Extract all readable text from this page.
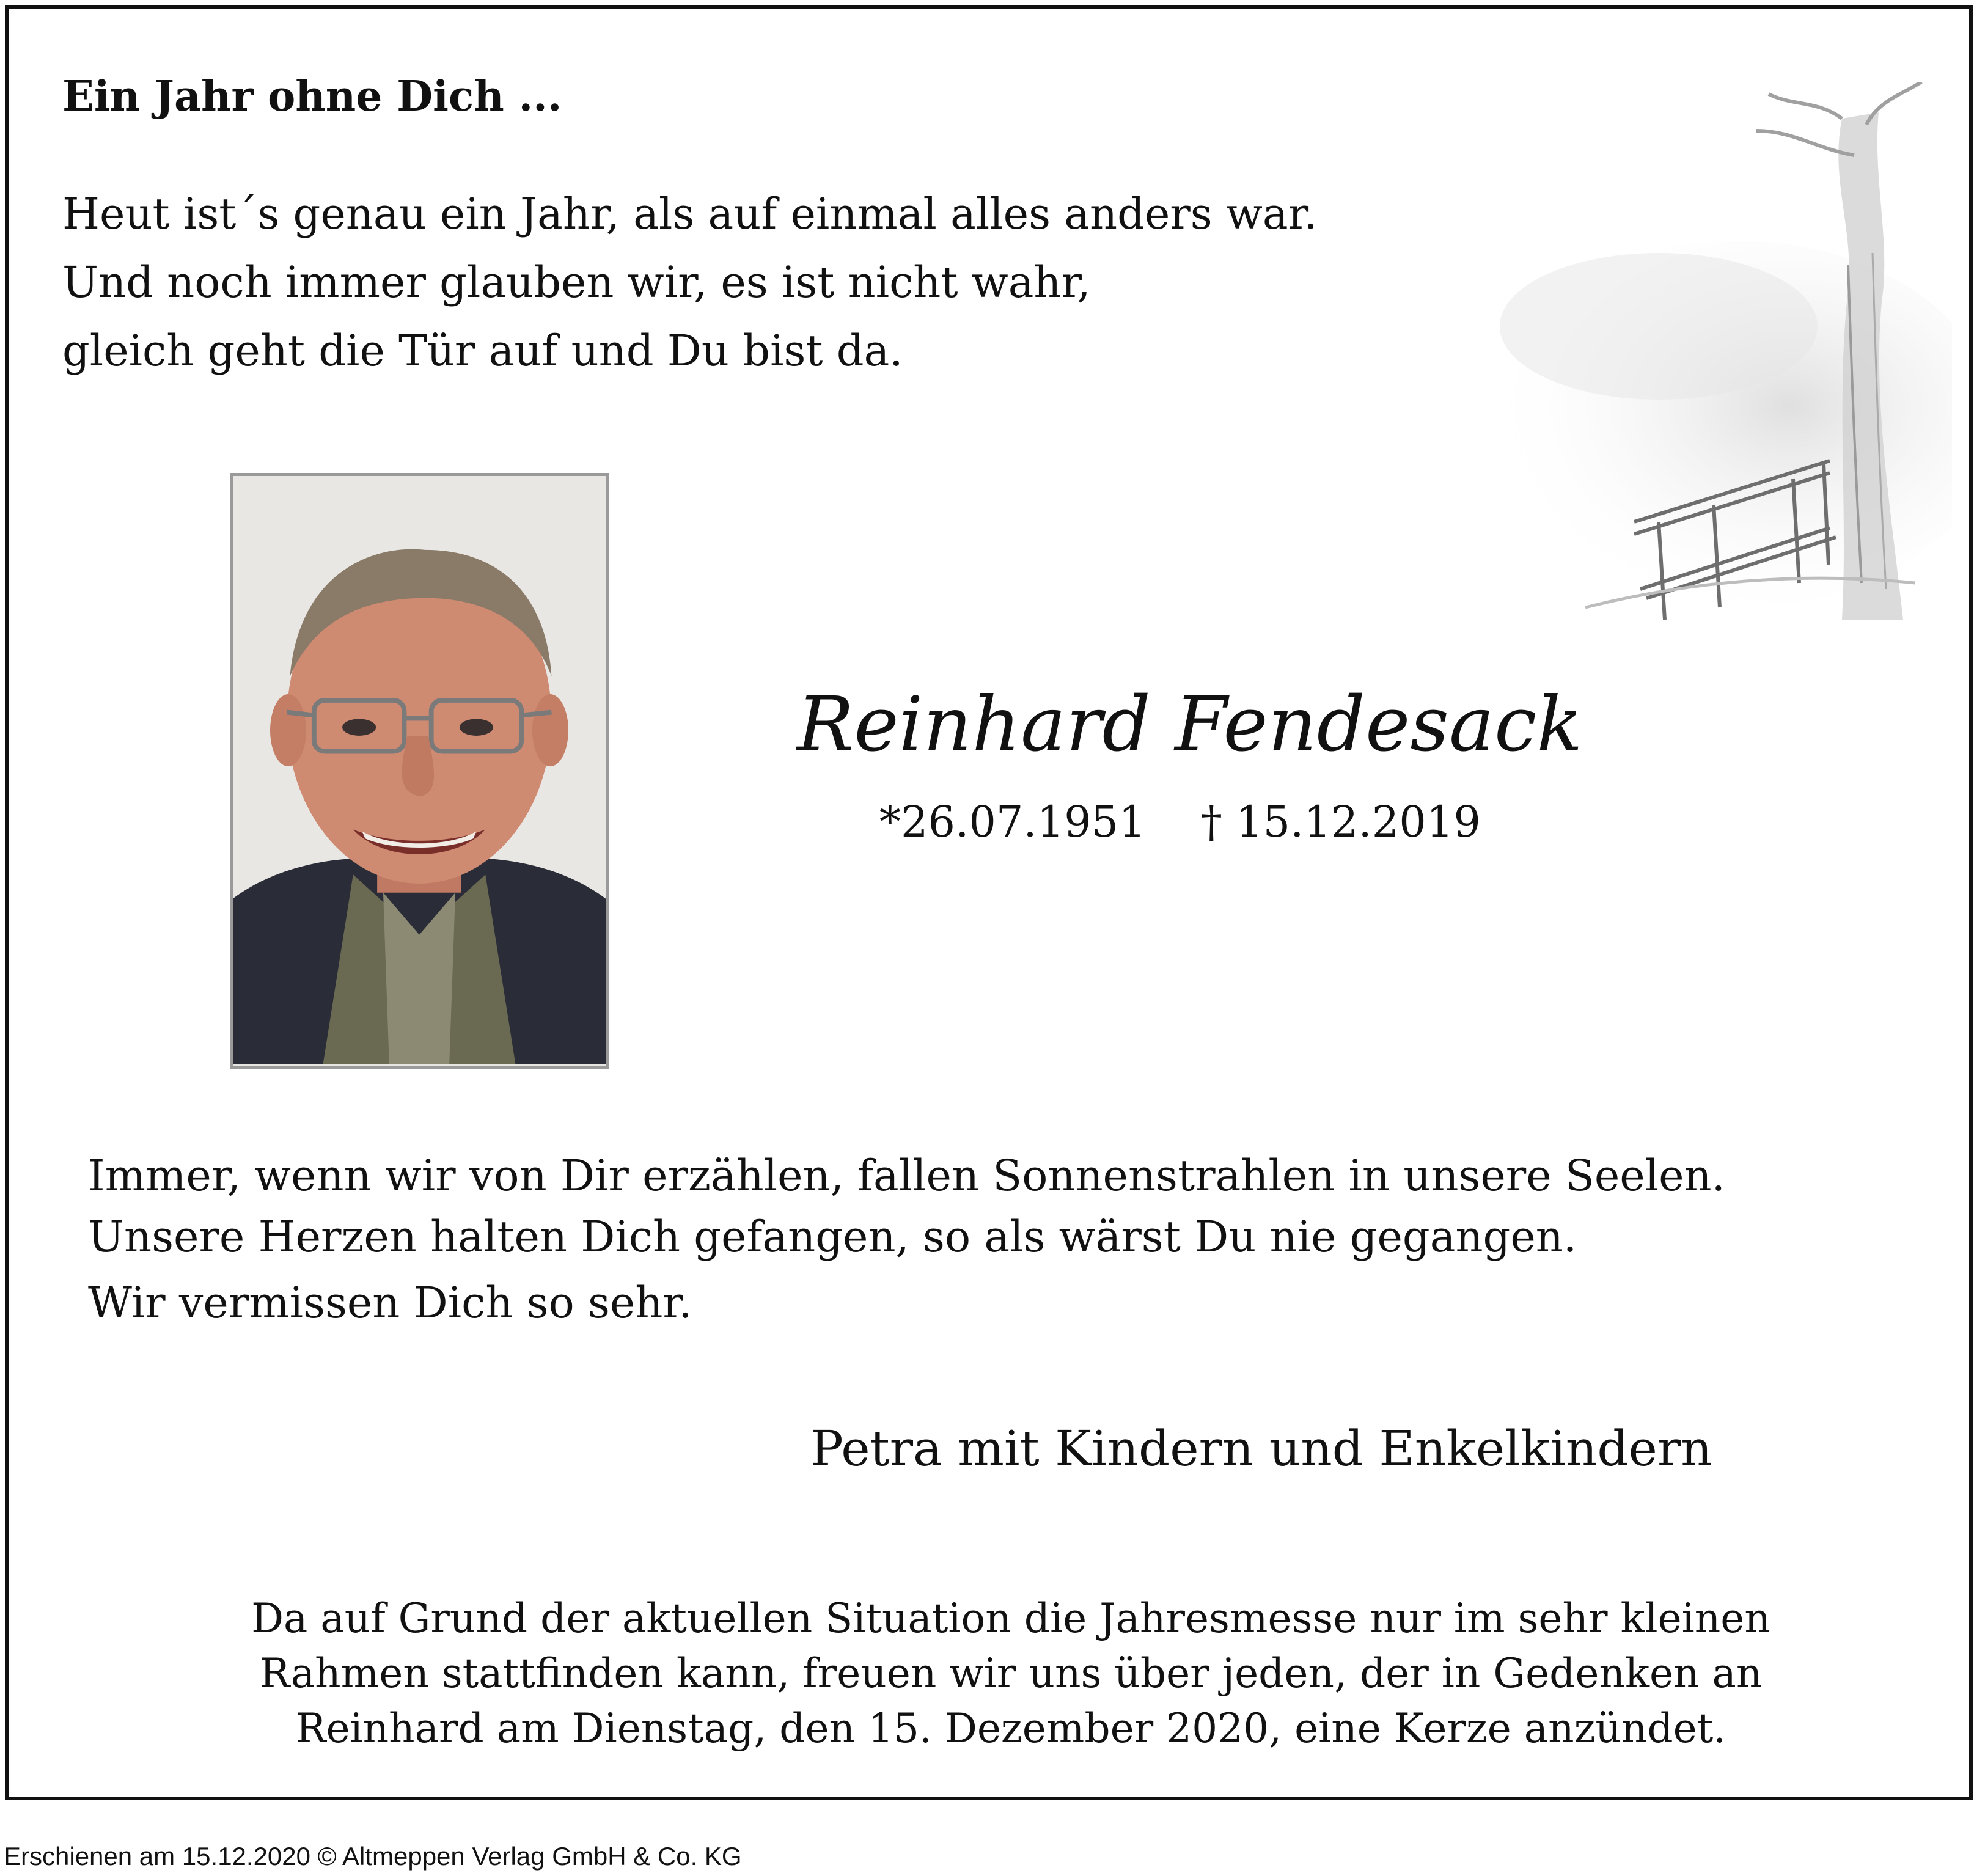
Ein Jahr ohne Dich ...
Heut ist´s genau ein Jahr, als auf einmal alles anders war.
Und noch immer glauben wir, es ist nicht wahr,
gleich geht die Tür auf und Du bist da.
Reinhard Fendesack
*26.07.1951 † 15.12.2019
Immer, wenn wir von Dir erzählen, fallen Sonnenstrahlen in unsere Seelen.
Unsere Herzen halten Dich gefangen, so als wärst Du nie gegangen.
Wir vermissen Dich so sehr.
Petra mit Kindern und Enkelkindern
Da auf Grund der aktuellen Situation die Jahresmesse nur im sehr kleinen
Rahmen stattfinden kann, freuen wir uns über jeden, der in Gedenken an
Reinhard am Dienstag, den 15. Dezember 2020, eine Kerze anzündet.
Erschienen am 15.12.2020 © Altmeppen Verlag GmbH & Co. KG
